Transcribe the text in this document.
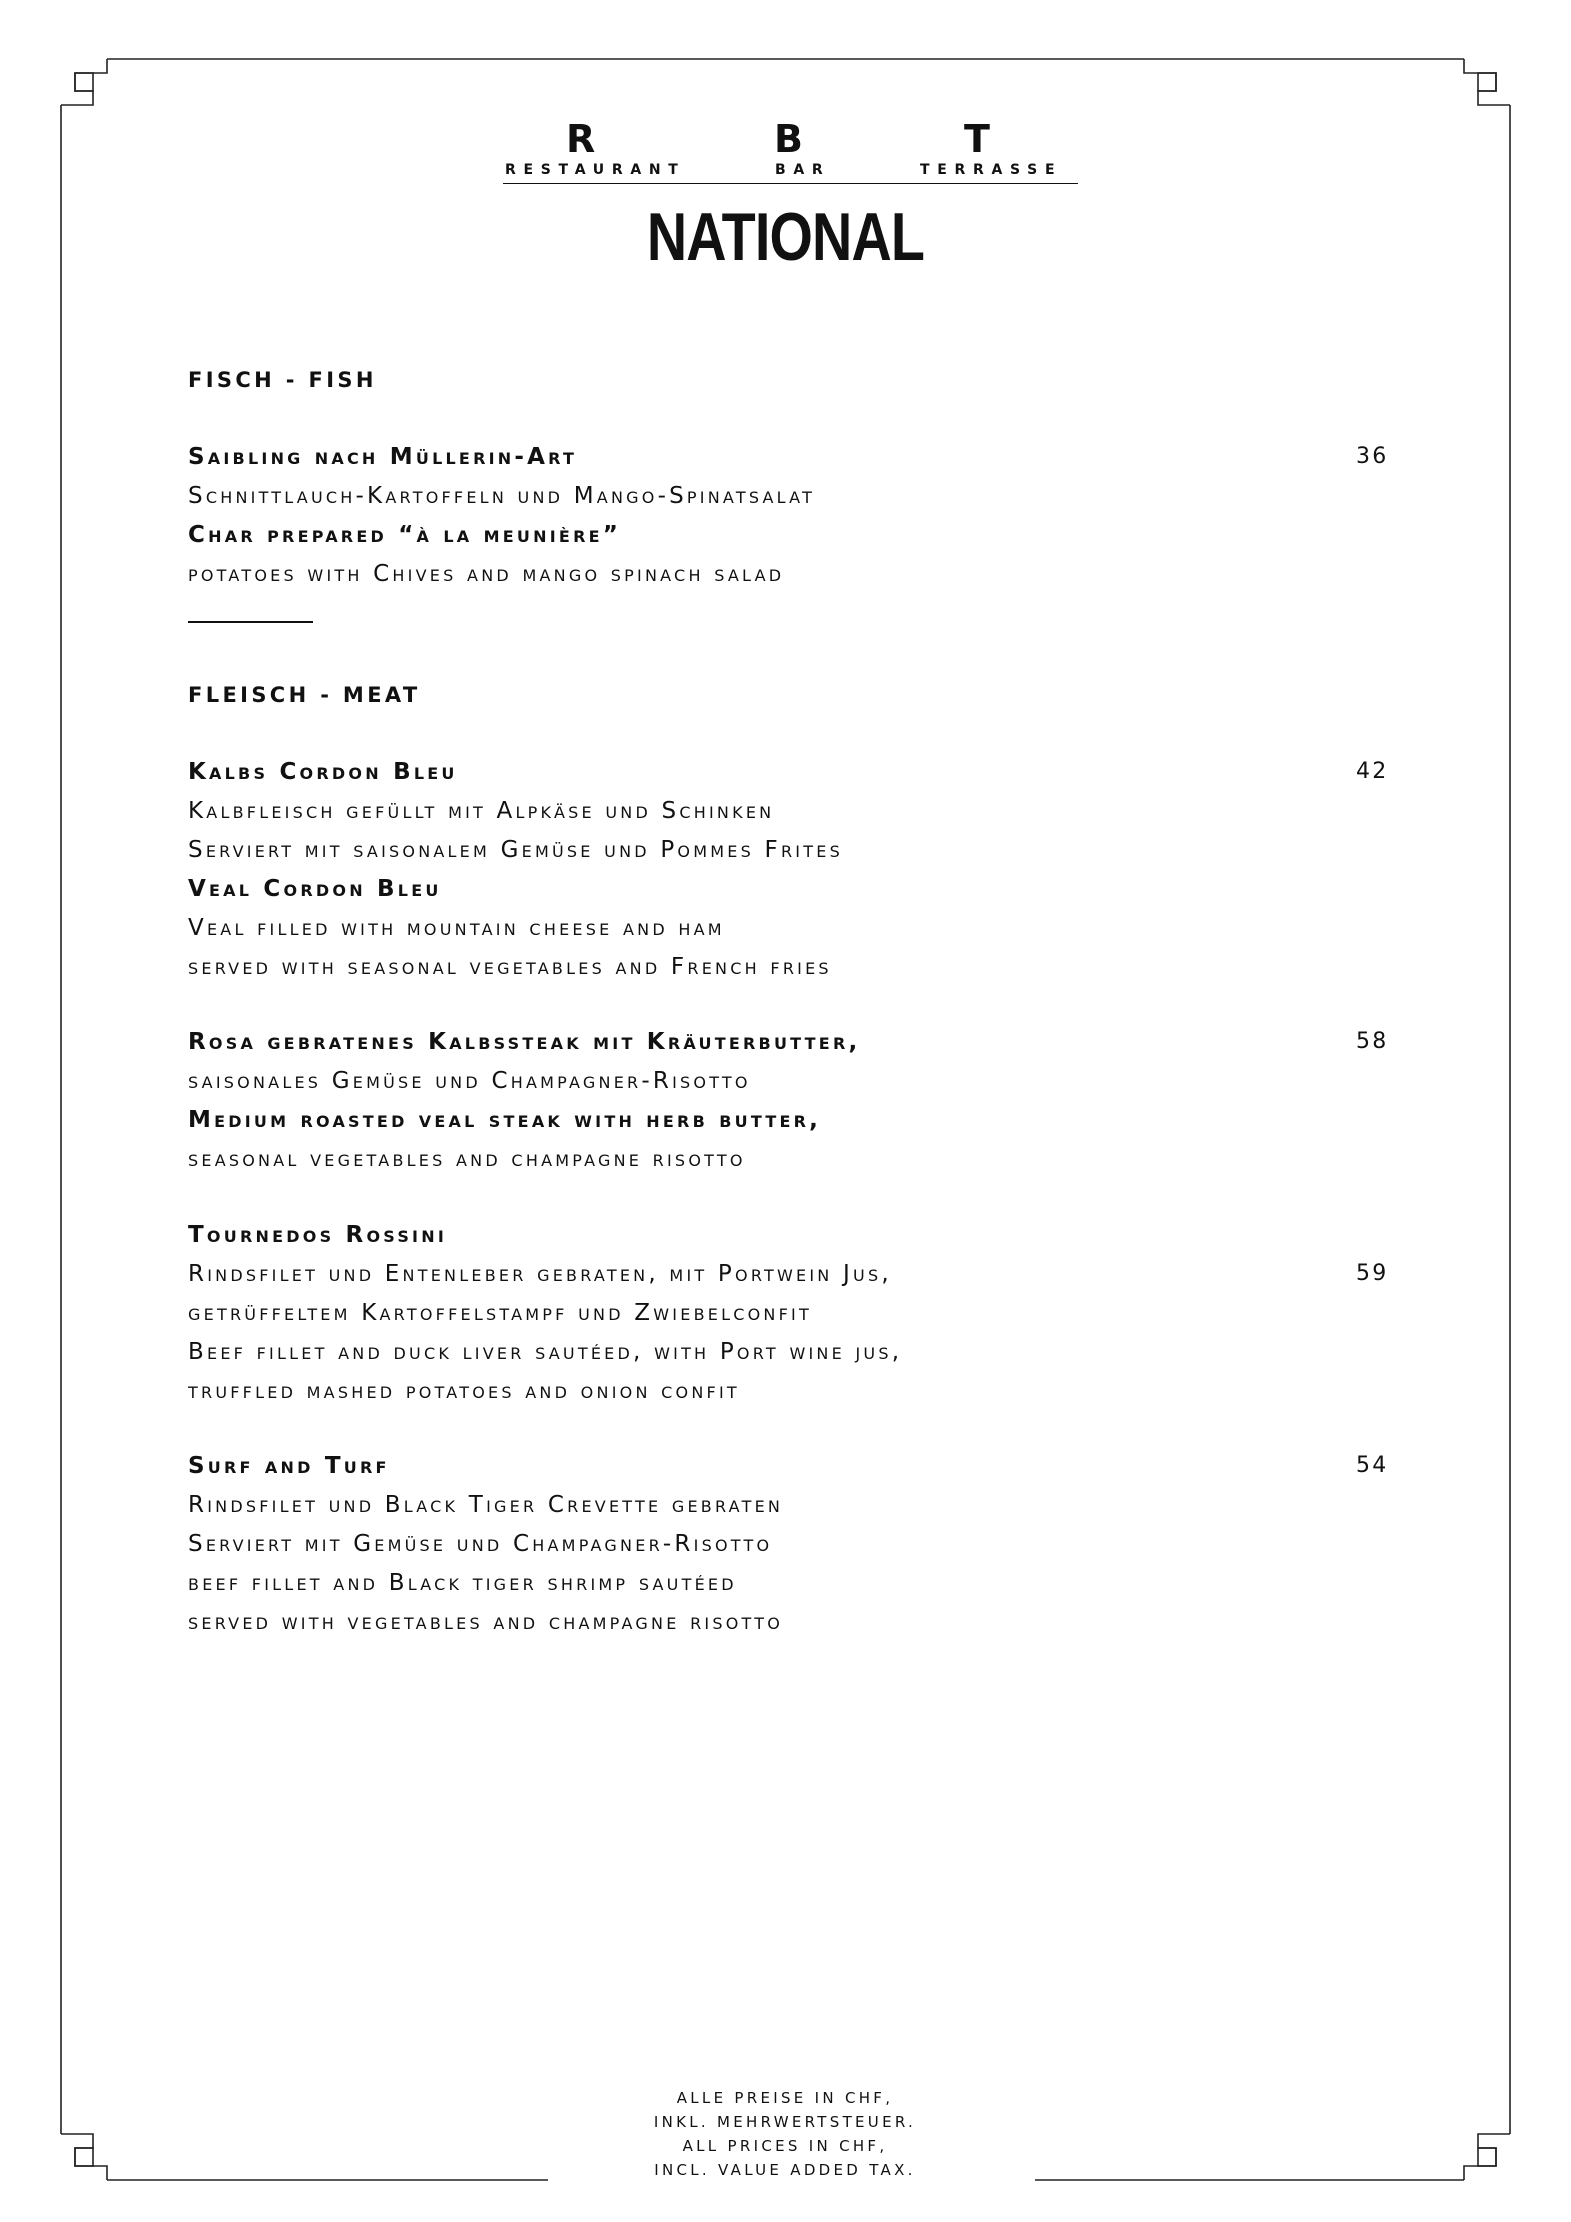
R	B	T
RESTAURANT	BAR	TERRASSE
NATIONAL
FISCH - FISH
Saibling nach Müllerin-Art	36
Schnittlauch-Kartoffeln und Mango-Spinatsalat
Char prepared “à la meunière”
potatoes with Chives and mango spinach salad
FLEISCH - MEAT
Kalbs Cordon Bleu	42
Kalbfleisch gefüllt mit Alpkäse und Schinken
Serviert mit saisonalem Gemüse und Pommes Frites
Veal Cordon Bleu
Veal filled with mountain cheese and ham
served with seasonal vegetables and French fries
Rosa gebratenes Kalbssteak mit Kräuterbutter,	58
saisonales Gemüse und Champagner-Risotto
Medium roasted veal steak with herb butter,
seasonal vegetables and champagne risotto
Tournedos Rossini
Rindsfilet und Entenleber gebraten, mit Portwein Jus,	59
getrüffeltem Kartoffelstampf und Zwiebelconfit
Beef fillet and duck liver sautéed, with Port wine jus,
truffled mashed potatoes and onion confit
Surf and Turf	54
Rindsfilet und Black Tiger Crevette gebraten
Serviert mit Gemüse und Champagner-Risotto
beef fillet and Black tiger shrimp sautéed
served with vegetables and champagne risotto
ALLE PREISE IN CHF,
INKL. MEHRWERTSTEUER.
ALL PRICES IN CHF,
INCL. VALUE ADDED TAX.
